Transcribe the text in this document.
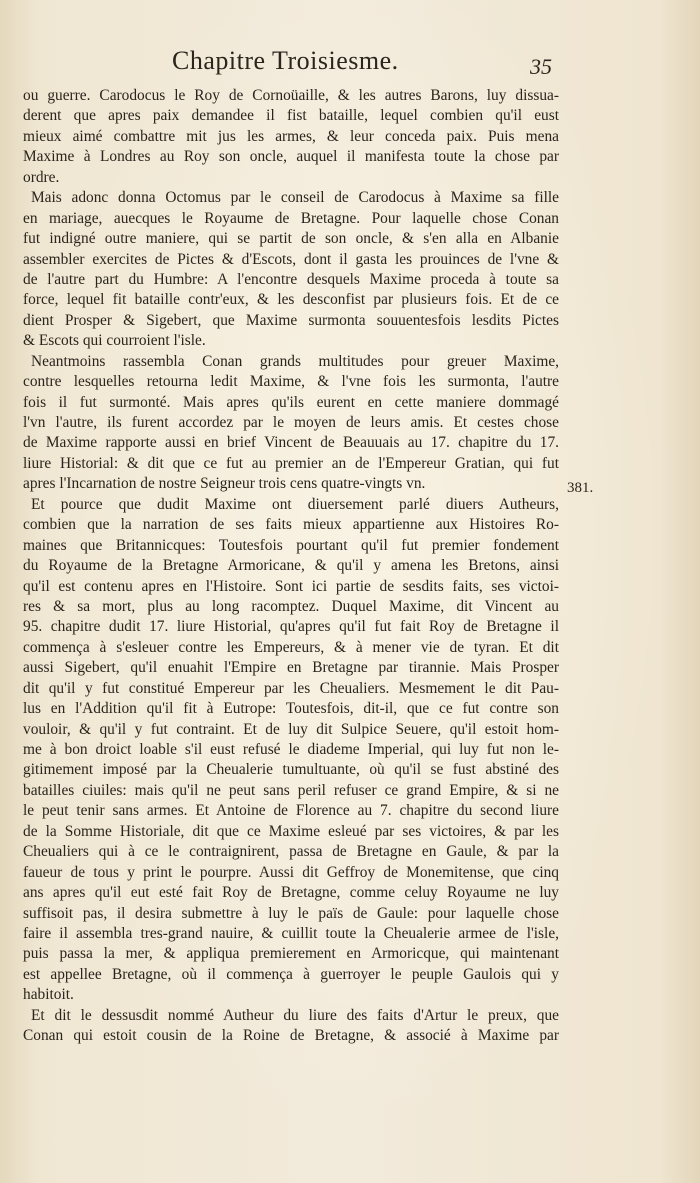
Chapitre Troisiesme.	35
ou guerre. Carodocus le Roy de Cornoüaille, & les autres Barons, luy dissua-
derent que apres paix demandee il fist bataille, lequel combien qu'il eust
mieux aimé combattre mit jus les armes, & leur conceda paix. Puis mena
Maxime à Londres au Roy son oncle, auquel il manifesta toute la chose par
ordre.
Mais adonc donna Octomus par le conseil de Carodocus à Maxime sa fille
en mariage, auecques le Royaume de Bretagne. Pour laquelle chose Conan
fut indigné outre maniere, qui se partit de son oncle, & s'en alla en Albanie
assembler exercites de Pictes & d'Escots, dont il gasta les prouinces de l'vne &
de l'autre part du Humbre: A l'encontre desquels Maxime proceda à toute sa
force, lequel fit bataille contr'eux, & les desconfist par plusieurs fois. Et de ce
dient Prosper & Sigebert, que Maxime surmonta souuentesfois lesdits Pictes
& Escots qui courroient l'isle.
Neantmoins rassembla Conan grands multitudes pour greuer Maxime,
contre lesquelles retourna ledit Maxime, & l'vne fois les surmonta, l'autre
fois il fut surmonté. Mais apres qu'ils eurent en cette maniere dommagé
l'vn l'autre, ils furent accordez par le moyen de leurs amis. Et cestes chose
de Maxime rapporte aussi en brief Vincent de Beauuais au 17. chapitre du 17.
liure Historial: & dit que ce fut au premier an de l'Empereur Gratian, qui fut
apres l'Incarnation de nostre Seigneur trois cens quatre-vingts vn.
Et pource que dudit Maxime ont diuersement parlé diuers Autheurs,
combien que la narration de ses faits mieux appartienne aux Histoires Ro-
maines que Britannicques: Toutesfois pourtant qu'il fut premier fondement
du Royaume de la Bretagne Armoricane, & qu'il y amena les Bretons, ainsi
qu'il est contenu apres en l'Histoire. Sont ici partie de sesdits faits, ses victoi-
res & sa mort, plus au long racomptez. Duquel Maxime, dit Vincent au
95. chapitre dudit 17. liure Historial, qu'apres qu'il fut fait Roy de Bretagne il
commença à s'esleuer contre les Empereurs, & à mener vie de tyran. Et dit
aussi Sigebert, qu'il enuahit l'Empire en Bretagne par tirannie. Mais Prosper
dit qu'il y fut constitué Empereur par les Cheualiers. Mesmement le dit Pau-
lus en l'Addition qu'il fit à Eutrope: Toutesfois, dit-il, que ce fut contre son
vouloir, & qu'il y fut contraint. Et de luy dit Sulpice Seuere, qu'il estoit hom-
me à bon droict loable s'il eust refusé le diademe Imperial, qui luy fut non le-
gitimement imposé par la Cheualerie tumultuante, où qu'il se fust abstiné des
batailles ciuiles: mais qu'il ne peut sans peril refuser ce grand Empire, & si ne
le peut tenir sans armes. Et Antoine de Florence au 7. chapitre du second liure
de la Somme Historiale, dit que ce Maxime esleué par ses victoires, & par les
Cheualiers qui à ce le contraignirent, passa de Bretagne en Gaule, & par la
faueur de tous y print le pourpre. Aussi dit Geffroy de Monemitense, que cinq
ans apres qu'il eut esté fait Roy de Bretagne, comme celuy Royaume ne luy
suffisoit pas, il desira submettre à luy le païs de Gaule: pour laquelle chose
faire il assembla tres-grand nauire, & cuillit toute la Cheualerie armee de l'isle,
puis passa la mer, & appliqua premierement en Armoricque, qui maintenant
est appellee Bretagne, où il commença à guerroyer le peuple Gaulois qui y
habitoit.
Et dit le dessusdit nommé Autheur du liure des faits d'Artur le preux, que
Conan qui estoit cousin de la Roine de Bretagne, & associé à Maxime par
381.
